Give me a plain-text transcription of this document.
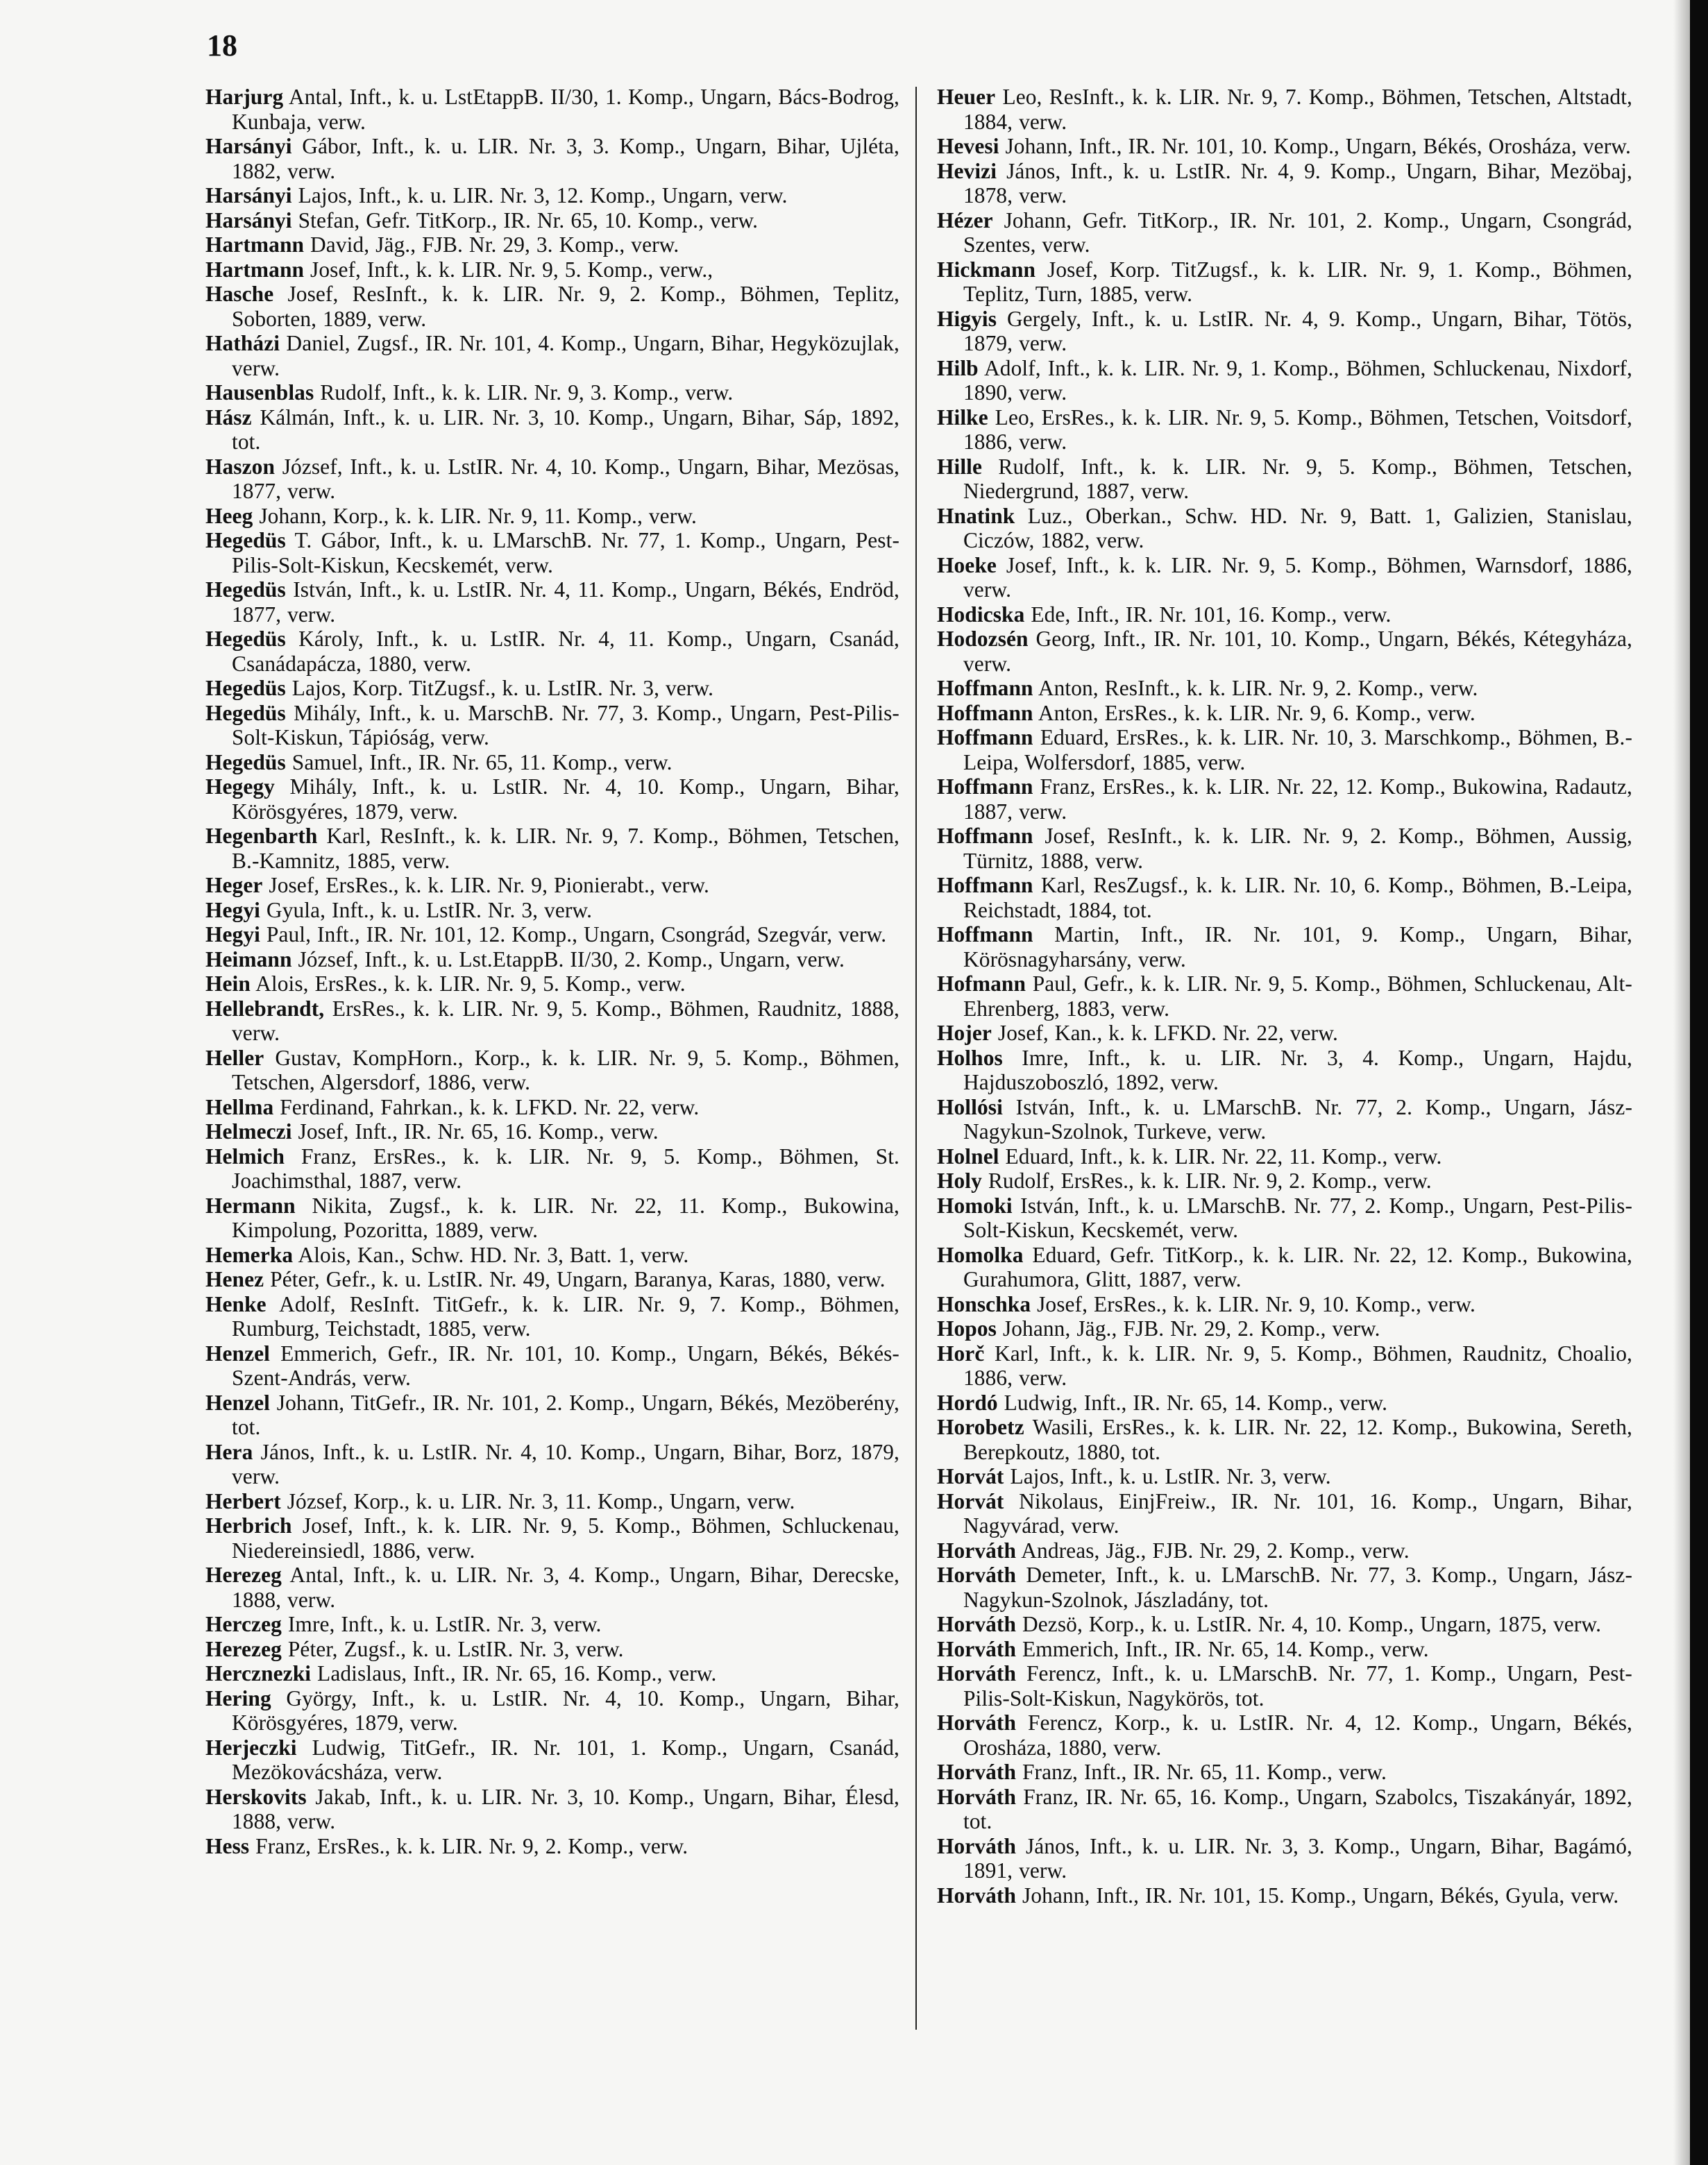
18

Harjurg Antal, Inft., k. u. LstEtappB. II/30, 1. Komp., Ungarn, Bács-Bodrog, Kunbaja, verw.

Harsányi Gábor, Inft., k. u. LIR. Nr. 3, 3. Komp., Ungarn, Bihar, Ujléta, 1882, verw.

Harsányi Lajos, Inft., k. u. LIR. Nr. 3, 12. Komp., Ungarn, verw.

Harsányi Stefan, Gefr. TitKorp., IR. Nr. 65, 10. Komp., verw.

Hartmann David, Jäg., FJB. Nr. 29, 3. Komp., verw.

Hartmann Josef, Inft., k. k. LIR. Nr. 9, 5. Komp., verw.,

Hasche Josef, ResInft., k. k. LIR. Nr. 9, 2. Komp., Böhmen, Teplitz, Soborten, 1889, verw.

Hatházi Daniel, Zugsf., IR. Nr. 101, 4. Komp., Ungarn, Bihar, Hegyközujlak, verw.

Hausenblas Rudolf, Inft., k. k. LIR. Nr. 9, 3. Komp., verw.

Hász Kálmán, Inft., k. u. LIR. Nr. 3, 10. Komp., Ungarn, Bihar, Sáp, 1892, tot.

Haszon József, Inft., k. u. LstIR. Nr. 4, 10. Komp., Ungarn, Bihar, Mezösas, 1877, verw.

Heeg Johann, Korp., k. k. LIR. Nr. 9, 11. Komp., verw.

Hegedüs T. Gábor, Inft., k. u. LMarschB. Nr. 77, 1. Komp., Ungarn, Pest-Pilis-Solt-Kiskun, Kecskemét, verw.

Hegedüs István, Inft., k. u. LstIR. Nr. 4, 11. Komp., Ungarn, Békés, Endröd, 1877, verw.

Hegedüs Károly, Inft., k. u. LstIR. Nr. 4, 11. Komp., Ungarn, Csanád, Csanádapácza, 1880, verw.

Hegedüs Lajos, Korp. TitZugsf., k. u. LstIR. Nr. 3, verw.

Hegedüs Mihály, Inft., k. u. MarschB. Nr. 77, 3. Komp., Ungarn, Pest-Pilis-Solt-Kiskun, Tápióság, verw.

Hegedüs Samuel, Inft., IR. Nr. 65, 11. Komp., verw.

Hegegy Mihály, Inft., k. u. LstIR. Nr. 4, 10. Komp., Ungarn, Bihar, Körösgyéres, 1879, verw.

Hegenbarth Karl, ResInft., k. k. LIR. Nr. 9, 7. Komp., Böhmen, Tetschen, B.-Kamnitz, 1885, verw.

Heger Josef, ErsRes., k. k. LIR. Nr. 9, Pionierabt., verw.

Hegyi Gyula, Inft., k. u. LstIR. Nr. 3, verw.

Hegyi Paul, Inft., IR. Nr. 101, 12. Komp., Ungarn, Csongrád, Szegvár, verw.

Heimann József, Inft., k. u. Lst.EtappB. II/30, 2. Komp., Ungarn, verw.

Hein Alois, ErsRes., k. k. LIR. Nr. 9, 5. Komp., verw.

Hellebrandt, ErsRes., k. k. LIR. Nr. 9, 5. Komp., Böhmen, Raudnitz, 1888, verw.

Heller Gustav, KompHorn., Korp., k. k. LIR. Nr. 9, 5. Komp., Böhmen, Tetschen, Algersdorf, 1886, verw.

Hellma Ferdinand, Fahrkan., k. k. LFKD. Nr. 22, verw.

Helmeczi Josef, Inft., IR. Nr. 65, 16. Komp., verw.

Helmich Franz, ErsRes., k. k. LIR. Nr. 9, 5. Komp., Böhmen, St. Joachimsthal, 1887, verw.

Hermann Nikita, Zugsf., k. k. LIR. Nr. 22, 11. Komp., Bukowina, Kimpolung, Pozoritta, 1889, verw.

Hemerka Alois, Kan., Schw. HD. Nr. 3, Batt. 1, verw.

Henez Péter, Gefr., k. u. LstIR. Nr. 49, Ungarn, Baranya, Karas, 1880, verw.

Henke Adolf, ResInft. TitGefr., k. k. LIR. Nr. 9, 7. Komp., Böhmen, Rumburg, Teichstadt, 1885, verw.

Henzel Emmerich, Gefr., IR. Nr. 101, 10. Komp., Ungarn, Békés, Békés-Szent-András, verw.

Henzel Johann, TitGefr., IR. Nr. 101, 2. Komp., Ungarn, Békés, Mezöberény, tot.

Hera János, Inft., k. u. LstIR. Nr. 4, 10. Komp., Ungarn, Bihar, Borz, 1879, verw.

Herbert József, Korp., k. u. LIR. Nr. 3, 11. Komp., Ungarn, verw.

Herbrich Josef, Inft., k. k. LIR. Nr. 9, 5. Komp., Böhmen, Schluckenau, Niedereinsiedl, 1886, verw.

Herezeg Antal, Inft., k. u. LIR. Nr. 3, 4. Komp., Ungarn, Bihar, Derecske, 1888, verw.

Herczeg Imre, Inft., k. u. LstIR. Nr. 3, verw.

Herezeg Péter, Zugsf., k. u. LstIR. Nr. 3, verw.

Hercznezki Ladislaus, Inft., IR. Nr. 65, 16. Komp., verw.

Hering György, Inft., k. u. LstIR. Nr. 4, 10. Komp., Ungarn, Bihar, Körösgyéres, 1879, verw.

Herjeczki Ludwig, TitGefr., IR. Nr. 101, 1. Komp., Ungarn, Csanád, Mezökovácsháza, verw.

Herskovits Jakab, Inft., k. u. LIR. Nr. 3, 10. Komp., Ungarn, Bihar, Élesd, 1888, verw.

Hess Franz, ErsRes., k. k. LIR. Nr. 9, 2. Komp., verw.

Heuer Leo, ResInft., k. k. LIR. Nr. 9, 7. Komp., Böhmen, Tetschen, Altstadt, 1884, verw.

Hevesi Johann, Inft., IR. Nr. 101, 10. Komp., Ungarn, Békés, Orosháza, verw.

Hevizi János, Inft., k. u. LstIR. Nr. 4, 9. Komp., Ungarn, Bihar, Mezöbaj, 1878, verw.

Hézer Johann, Gefr. TitKorp., IR. Nr. 101, 2. Komp., Ungarn, Csongrád, Szentes, verw.

Hickmann Josef, Korp. TitZugsf., k. k. LIR. Nr. 9, 1. Komp., Böhmen, Teplitz, Turn, 1885, verw.

Higyis Gergely, Inft., k. u. LstIR. Nr. 4, 9. Komp., Ungarn, Bihar, Tötös, 1879, verw.

Hilb Adolf, Inft., k. k. LIR. Nr. 9, 1. Komp., Böhmen, Schluckenau, Nixdorf, 1890, verw.

Hilke Leo, ErsRes., k. k. LIR. Nr. 9, 5. Komp., Böhmen, Tetschen, Voitsdorf, 1886, verw.

Hille Rudolf, Inft., k. k. LIR. Nr. 9, 5. Komp., Böhmen, Tetschen, Niedergrund, 1887, verw.

Hnatink Luz., Oberkan., Schw. HD. Nr. 9, Batt. 1, Galizien, Stanislau, Ciczów, 1882, verw.

Hoeke Josef, Inft., k. k. LIR. Nr. 9, 5. Komp., Böhmen, Warnsdorf, 1886, verw.

Hodicska Ede, Inft., IR. Nr. 101, 16. Komp., verw.

Hodozsén Georg, Inft., IR. Nr. 101, 10. Komp., Ungarn, Békés, Kétegyháza, verw.

Hoffmann Anton, ResInft., k. k. LIR. Nr. 9, 2. Komp., verw.

Hoffmann Anton, ErsRes., k. k. LIR. Nr. 9, 6. Komp., verw.

Hoffmann Eduard, ErsRes., k. k. LIR. Nr. 10, 3. Marschkomp., Böhmen, B.-Leipa, Wolfersdorf, 1885, verw.

Hoffmann Franz, ErsRes., k. k. LIR. Nr. 22, 12. Komp., Bukowina, Radautz, 1887, verw.

Hoffmann Josef, ResInft., k. k. LIR. Nr. 9, 2. Komp., Böhmen, Aussig, Türnitz, 1888, verw.

Hoffmann Karl, ResZugsf., k. k. LIR. Nr. 10, 6. Komp., Böhmen, B.-Leipa, Reichstadt, 1884, tot.

Hoffmann Martin, Inft., IR. Nr. 101, 9. Komp., Ungarn, Bihar, Körösnagyharsány, verw.

Hofmann Paul, Gefr., k. k. LIR. Nr. 9, 5. Komp., Böhmen, Schluckenau, Alt-Ehrenberg, 1883, verw.

Hojer Josef, Kan., k. k. LFKD. Nr. 22, verw.

Holhos Imre, Inft., k. u. LIR. Nr. 3, 4. Komp., Ungarn, Hajdu, Hajduszoboszló, 1892, verw.

Hollósi István, Inft., k. u. LMarschB. Nr. 77, 2. Komp., Ungarn, Jász-Nagykun-Szolnok, Turkeve, verw.

Holnel Eduard, Inft., k. k. LIR. Nr. 22, 11. Komp., verw.

Holy Rudolf, ErsRes., k. k. LIR. Nr. 9, 2. Komp., verw.

Homoki István, Inft., k. u. LMarschB. Nr. 77, 2. Komp., Ungarn, Pest-Pilis-Solt-Kiskun, Kecskemét, verw.

Homolka Eduard, Gefr. TitKorp., k. k. LIR. Nr. 22, 12. Komp., Bukowina, Gurahumora, Glitt, 1887, verw.

Honschka Josef, ErsRes., k. k. LIR. Nr. 9, 10. Komp., verw.

Hopos Johann, Jäg., FJB. Nr. 29, 2. Komp., verw.

Horč Karl, Inft., k. k. LIR. Nr. 9, 5. Komp., Böhmen, Raudnitz, Choalio, 1886, verw.

Hordó Ludwig, Inft., IR. Nr. 65, 14. Komp., verw.

Horobetz Wasili, ErsRes., k. k. LIR. Nr. 22, 12. Komp., Bukowina, Sereth, Berepkoutz, 1880, tot.

Horvát Lajos, Inft., k. u. LstIR. Nr. 3, verw.

Horvát Nikolaus, EinjFreiw., IR. Nr. 101, 16. Komp., Ungarn, Bihar, Nagyvárad, verw.

Horváth Andreas, Jäg., FJB. Nr. 29, 2. Komp., verw.

Horváth Demeter, Inft., k. u. LMarschB. Nr. 77, 3. Komp., Ungarn, Jász-Nagykun-Szolnok, Jászladány, tot.

Horváth Dezsö, Korp., k. u. LstIR. Nr. 4, 10. Komp., Ungarn, 1875, verw.

Horváth Emmerich, Inft., IR. Nr. 65, 14. Komp., verw.

Horváth Ferencz, Inft., k. u. LMarschB. Nr. 77, 1. Komp., Ungarn, Pest-Pilis-Solt-Kiskun, Nagykörös, tot.

Horváth Ferencz, Korp., k. u. LstIR. Nr. 4, 12. Komp., Ungarn, Békés, Orosháza, 1880, verw.

Horváth Franz, Inft., IR. Nr. 65, 11. Komp., verw.

Horváth Franz, IR. Nr. 65, 16. Komp., Ungarn, Szabolcs, Tiszakányár, 1892, tot.

Horváth János, Inft., k. u. LIR. Nr. 3, 3. Komp., Ungarn, Bihar, Bagámó, 1891, verw.

Horváth Johann, Inft., IR. Nr. 101, 15. Komp., Ungarn, Békés, Gyula, verw.
